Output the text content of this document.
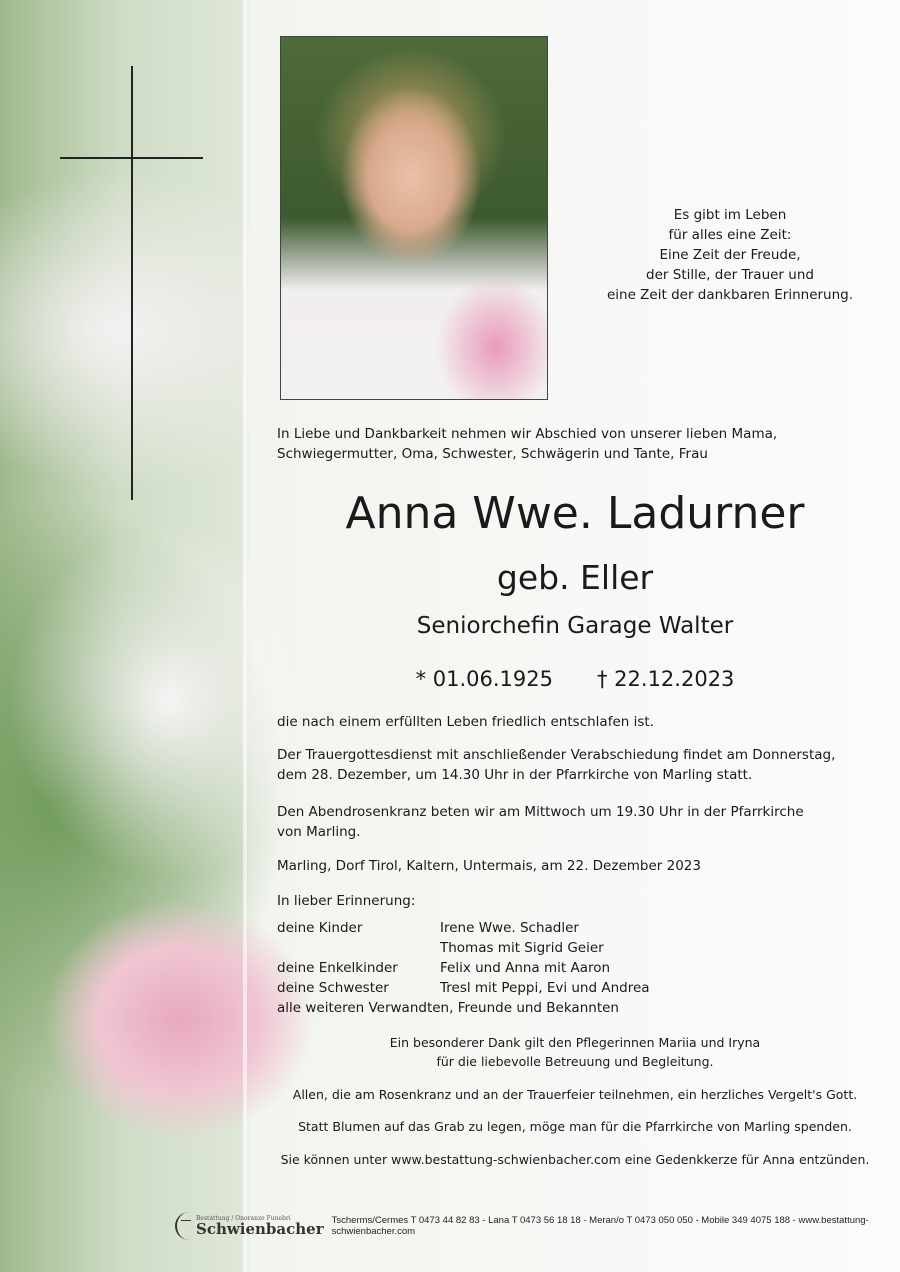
Es gibt im Leben
für alles eine Zeit:
Eine Zeit der Freude,
der Stille, der Trauer und
eine Zeit der dankbaren Erinnerung.
In Liebe und Dankbarkeit nehmen wir Abschied von unserer lieben Mama,
Schwiegermutter, Oma, Schwester, Schwägerin und Tante, Frau
Anna Wwe. Ladurner
geb. Eller
Seniorchefin Garage Walter
* 01.06.1925 † 22.12.2023
die nach einem erfüllten Leben friedlich entschlafen ist.
Der Trauergottesdienst mit anschließender Verabschiedung findet am Donnerstag,
dem 28. Dezember, um 14.30 Uhr in der Pfarrkirche von Marling statt.
Den Abendrosenkranz beten wir am Mittwoch um 19.30 Uhr in der Pfarrkirche
von Marling.
Marling, Dorf Tirol, Kaltern, Untermais, am 22. Dezember 2023
In lieber Erinnerung:
deine Kinder	Irene Wwe. Schadler
Thomas mit Sigrid Geier
deine Enkelkinder	Felix und Anna mit Aaron
deine Schwester	Tresl mit Peppi, Evi und Andrea
alle weiteren Verwandten, Freunde und Bekannten
Ein besonderer Dank gilt den Pflegerinnen Mariia und Iryna
für die liebevolle Betreuung und Begleitung.
Allen, die am Rosenkranz und an der Trauerfeier teilnehmen, ein herzliches Vergelt's Gott.
Statt Blumen auf das Grab zu legen, möge man für die Pfarrkirche von Marling spenden.
Sie können unter www.bestattung-schwienbacher.com eine Gedenkkerze für Anna entzünden.
Bestattung / Onoranze Funebri
Schwienbacher Tscherms/Cermes T 0473 44 82 83 - Lana T 0473 56 18 18 - Meran/o T 0473 050 050 - Mobile 349 4075 188 - www.bestattung-schwienbacher.com
